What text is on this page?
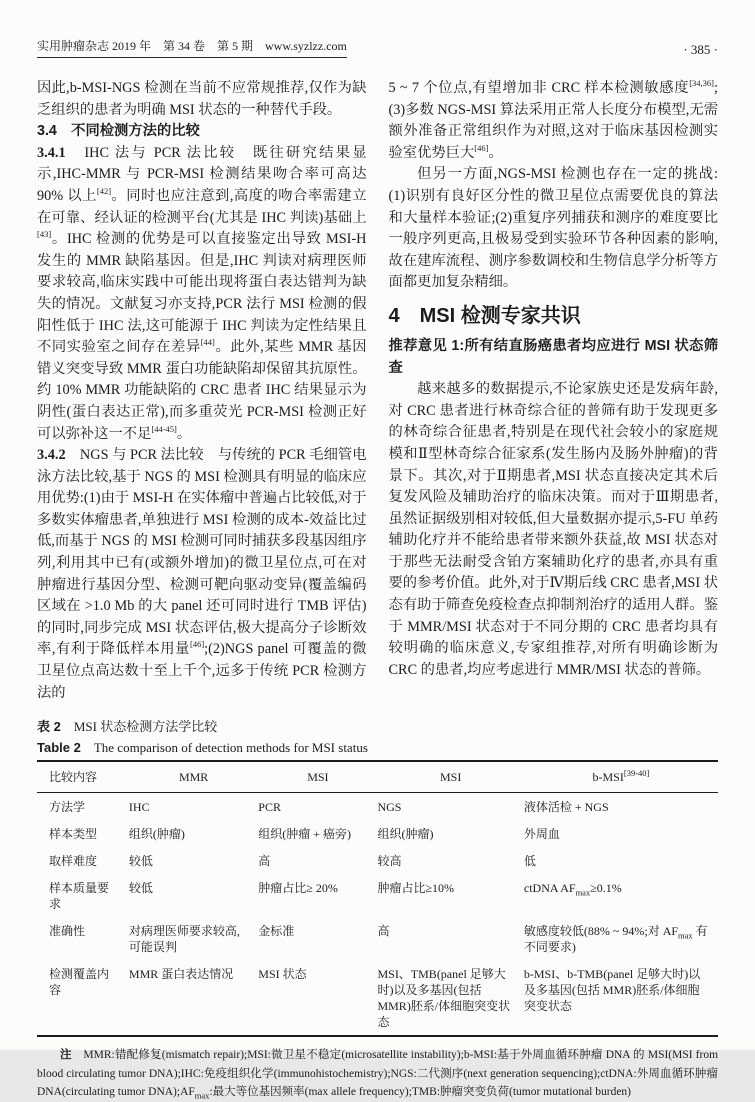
实用肿瘤杂志 2019 年　第 34 卷　第 5 期　www.syzlzz.com	· 385 ·

因此,b-MSI-NGS 检测在当前不应常规推荐,仅作为缺乏组织的患者为明确 MSI 状态的一种替代手段。

3.4　不同检测方法的比较

3.4.1　IHC 法与 PCR 法比较　既往研究结果显示,IHC-MMR 与 PCR-MSI 检测结果吻合率可高达 90% 以上[42]。同时也应注意到,高度的吻合率需建立在可靠、经认证的检测平台(尤其是 IHC 判读)基础上[43]。IHC 检测的优势是可以直接鉴定出导致 MSI-H 发生的 MMR 缺陷基因。但是,IHC 判读对病理医师要求较高,临床实践中可能出现将蛋白表达错判为缺失的情况。文献复习亦支持,PCR 法行 MSI 检测的假阳性低于 IHC 法,这可能源于 IHC 判读为定性结果且不同实验室之间存在差异[44]。此外,某些 MMR 基因错义突变导致 MMR 蛋白功能缺陷却保留其抗原性。约 10% MMR 功能缺陷的 CRC 患者 IHC 结果显示为阴性(蛋白表达正常),而多重荧光 PCR-MSI 检测正好可以弥补这一不足[44-45]。

3.4.2　NGS 与 PCR 法比较　与传统的 PCR 毛细管电泳方法比较,基于 NGS 的 MSI 检测具有明显的临床应用优势:(1)由于 MSI-H 在实体瘤中普遍占比较低,对于多数实体瘤患者,单独进行 MSI 检测的成本-效益比过低,而基于 NGS 的 MSI 检测可同时捕获多段基因组序列,利用其中已有(或额外增加)的微卫星位点,可在对肿瘤进行基因分型、检测可靶向驱动变异(覆盖编码区域在 >1.0 Mb 的大 panel 还可同时进行 TMB 评估)的同时,同步完成 MSI 状态评估,极大提高分子诊断效率,有利于降低样本用量[46];(2)NGS panel 可覆盖的微卫星位点高达数十至上千个,远多于传统 PCR 检测方法的

5 ~ 7 个位点,有望增加非 CRC 样本检测敏感度[34,36];(3)多数 NGS-MSI 算法采用正常人长度分布模型,无需额外准备正常组织作为对照,这对于临床基因检测实验室优势巨大[46]。

但另一方面,NGS-MSI 检测也存在一定的挑战:(1)识别有良好区分性的微卫星位点需要优良的算法和大量样本验证;(2)重复序列捕获和测序的难度要比一般序列更高,且极易受到实验环节各种因素的影响,故在建库流程、测序参数调校和生物信息学分析等方面都更加复杂精细。

4　MSI 检测专家共识

推荐意见 1:所有结直肠癌患者均应进行 MSI 状态筛查

越来越多的数据提示,不论家族史还是发病年龄,对 CRC 患者进行林奇综合征的普筛有助于发现更多的林奇综合征患者,特别是在现代社会较小的家庭规模和Ⅱ型林奇综合征家系(发生肠内及肠外肿瘤)的背景下。其次,对于Ⅱ期患者,MSI 状态直接决定其术后复发风险及辅助治疗的临床决策。而对于Ⅲ期患者,虽然证据级别相对较低,但大量数据亦提示,5-FU 单药辅助化疗并不能给患者带来额外获益,故 MSI 状态对于那些无法耐受含铂方案辅助化疗的患者,亦具有重要的参考价值。此外,对于Ⅳ期后线 CRC 患者,MSI 状态有助于筛查免疫检查点抑制剂治疗的适用人群。鉴于 MMR/MSI 状态对于不同分期的 CRC 患者均具有较明确的临床意义,专家组推荐,对所有明确诊断为 CRC 的患者,均应考虑进行 MMR/MSI 状态的普筛。

表 2　MSI 状态检测方法学比较

Table 2　The comparison of detection methods for MSI status

比较内容	MMR	MSI	MSI	b-MSI[39-40]
方法学	IHC	PCR	NGS	液体活检 + NGS
样本类型	组织(肿瘤)	组织(肿瘤 + 癌旁)	组织(肿瘤)	外周血
取样难度	较低	高	较高	低
样本质量要求	较低	肿瘤占比≥ 20%	肿瘤占比≥10%	ctDNA $AF_{max}\ge 0.1\%$
准确性	对病理医师要求较高,可能误判	金标准	高	敏感度较低(88% ~ 94%;对 $AF_{max}$ 有不同要求)
检测覆盖内容	MMR 蛋白表达情况	MSI 状态	MSI、TMB(panel 足够大时)以及多基因(包括 MMR)胚系/体细胞突变状态	b-MSI、b-TMB(panel 足够大时)以及多基因(包括 MMR)胚系/体细胞突变状态

注　MMR:错配修复(mismatch repair);MSI:微卫星不稳定(microsatellite instability);b-MSI:基于外周血循环肿瘤 DNA 的 MSI(MSI from blood circulating tumor DNA);IHC:免疫组织化学(immunohistochemistry);NGS:二代测序(next generation sequencing);ctDNA:外周血循环肿瘤 DNA(circulating tumor $DNA);AF_{max}$:最大等位基因频率(max allele frequency);TMB:肿瘤突变负荷(tumor mutational burden)
